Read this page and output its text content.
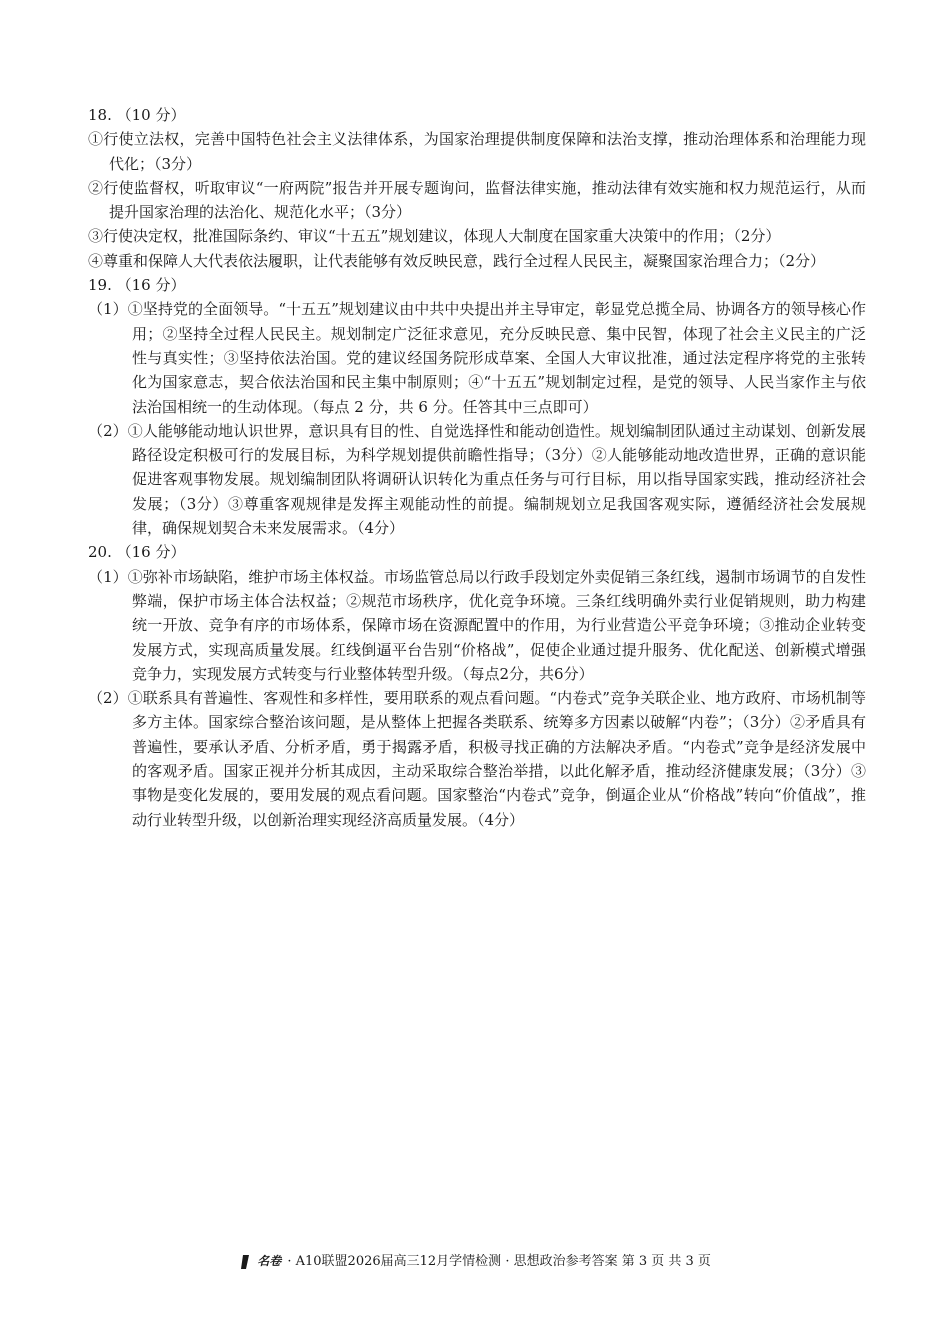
18. （10 分）
①行使立法权，完善中国特色社会主义法律体系，为国家治理提供制度保障和法治支撑，推动治理体系和治理能力现代化；（3分）
②行使监督权，听取审议“一府两院”报告并开展专题询问，监督法律实施，推动法律有效实施和权力规范运行，从而提升国家治理的法治化、规范化水平；（3分）
③行使决定权，批准国际条约、审议“十五五”规划建议，体现人大制度在国家重大决策中的作用；（2分）
④尊重和保障人大代表依法履职，让代表能够有效反映民意，践行全过程人民民主，凝聚国家治理合力；（2分）
19. （16 分）
（1）①坚持党的全面领导。“十五五”规划建议由中共中央提出并主导审定，彰显党总揽全局、协调各方的领导核心作用；②坚持全过程人民民主。规划制定广泛征求意见，充分反映民意、集中民智，体现了社会主义民主的广泛性与真实性；③坚持依法治国。党的建议经国务院形成草案、全国人大审议批准，通过法定程序将党的主张转化为国家意志，契合依法治国和民主集中制原则；④“十五五”规划制定过程，是党的领导、人民当家作主与依法治国相统一的生动体现。（每点 2 分，共 6 分。任答其中三点即可）
（2）①人能够能动地认识世界，意识具有目的性、自觉选择性和能动创造性。规划编制团队通过主动谋划、创新发展路径设定积极可行的发展目标，为科学规划提供前瞻性指导；（3分）②人能够能动地改造世界，正确的意识能促进客观事物发展。规划编制团队将调研认识转化为重点任务与可行目标，用以指导国家实践，推动经济社会发展；（3分）③尊重客观规律是发挥主观能动性的前提。编制规划立足我国客观实际，遵循经济社会发展规律，确保规划契合未来发展需求。（4分）
20. （16 分）
（1）①弥补市场缺陷，维护市场主体权益。市场监管总局以行政手段划定外卖促销三条红线，遏制市场调节的自发性弊端，保护市场主体合法权益；②规范市场秩序，优化竞争环境。三条红线明确外卖行业促销规则，助力构建统一开放、竞争有序的市场体系，保障市场在资源配置中的作用，为行业营造公平竞争环境；③推动企业转变发展方式，实现高质量发展。红线倒逼平台告别“价格战”，促使企业通过提升服务、优化配送、创新模式增强竞争力，实现发展方式转变与行业整体转型升级。（每点2分，共6分）
（2）①联系具有普遍性、客观性和多样性，要用联系的观点看问题。“内卷式”竞争关联企业、地方政府、市场机制等多方主体。国家综合整治该问题，是从整体上把握各类联系、统筹多方因素以破解“内卷”；（3分）②矛盾具有普遍性，要承认矛盾、分析矛盾，勇于揭露矛盾，积极寻找正确的方法解决矛盾。“内卷式”竞争是经济发展中的客观矛盾。国家正视并分析其成因，主动采取综合整治举措，以此化解矛盾，推动经济健康发展；（3分）③事物是变化发展的，要用发展的观点看问题。国家整治“内卷式”竞争，倒逼企业从“价格战”转向“价值战”，推动行业转型升级，以创新治理实现经济高质量发展。（4分）
名卷 · A10联盟2026届高三12月学情检测 · 思想政治参考答案 第 3 页 共 3 页
